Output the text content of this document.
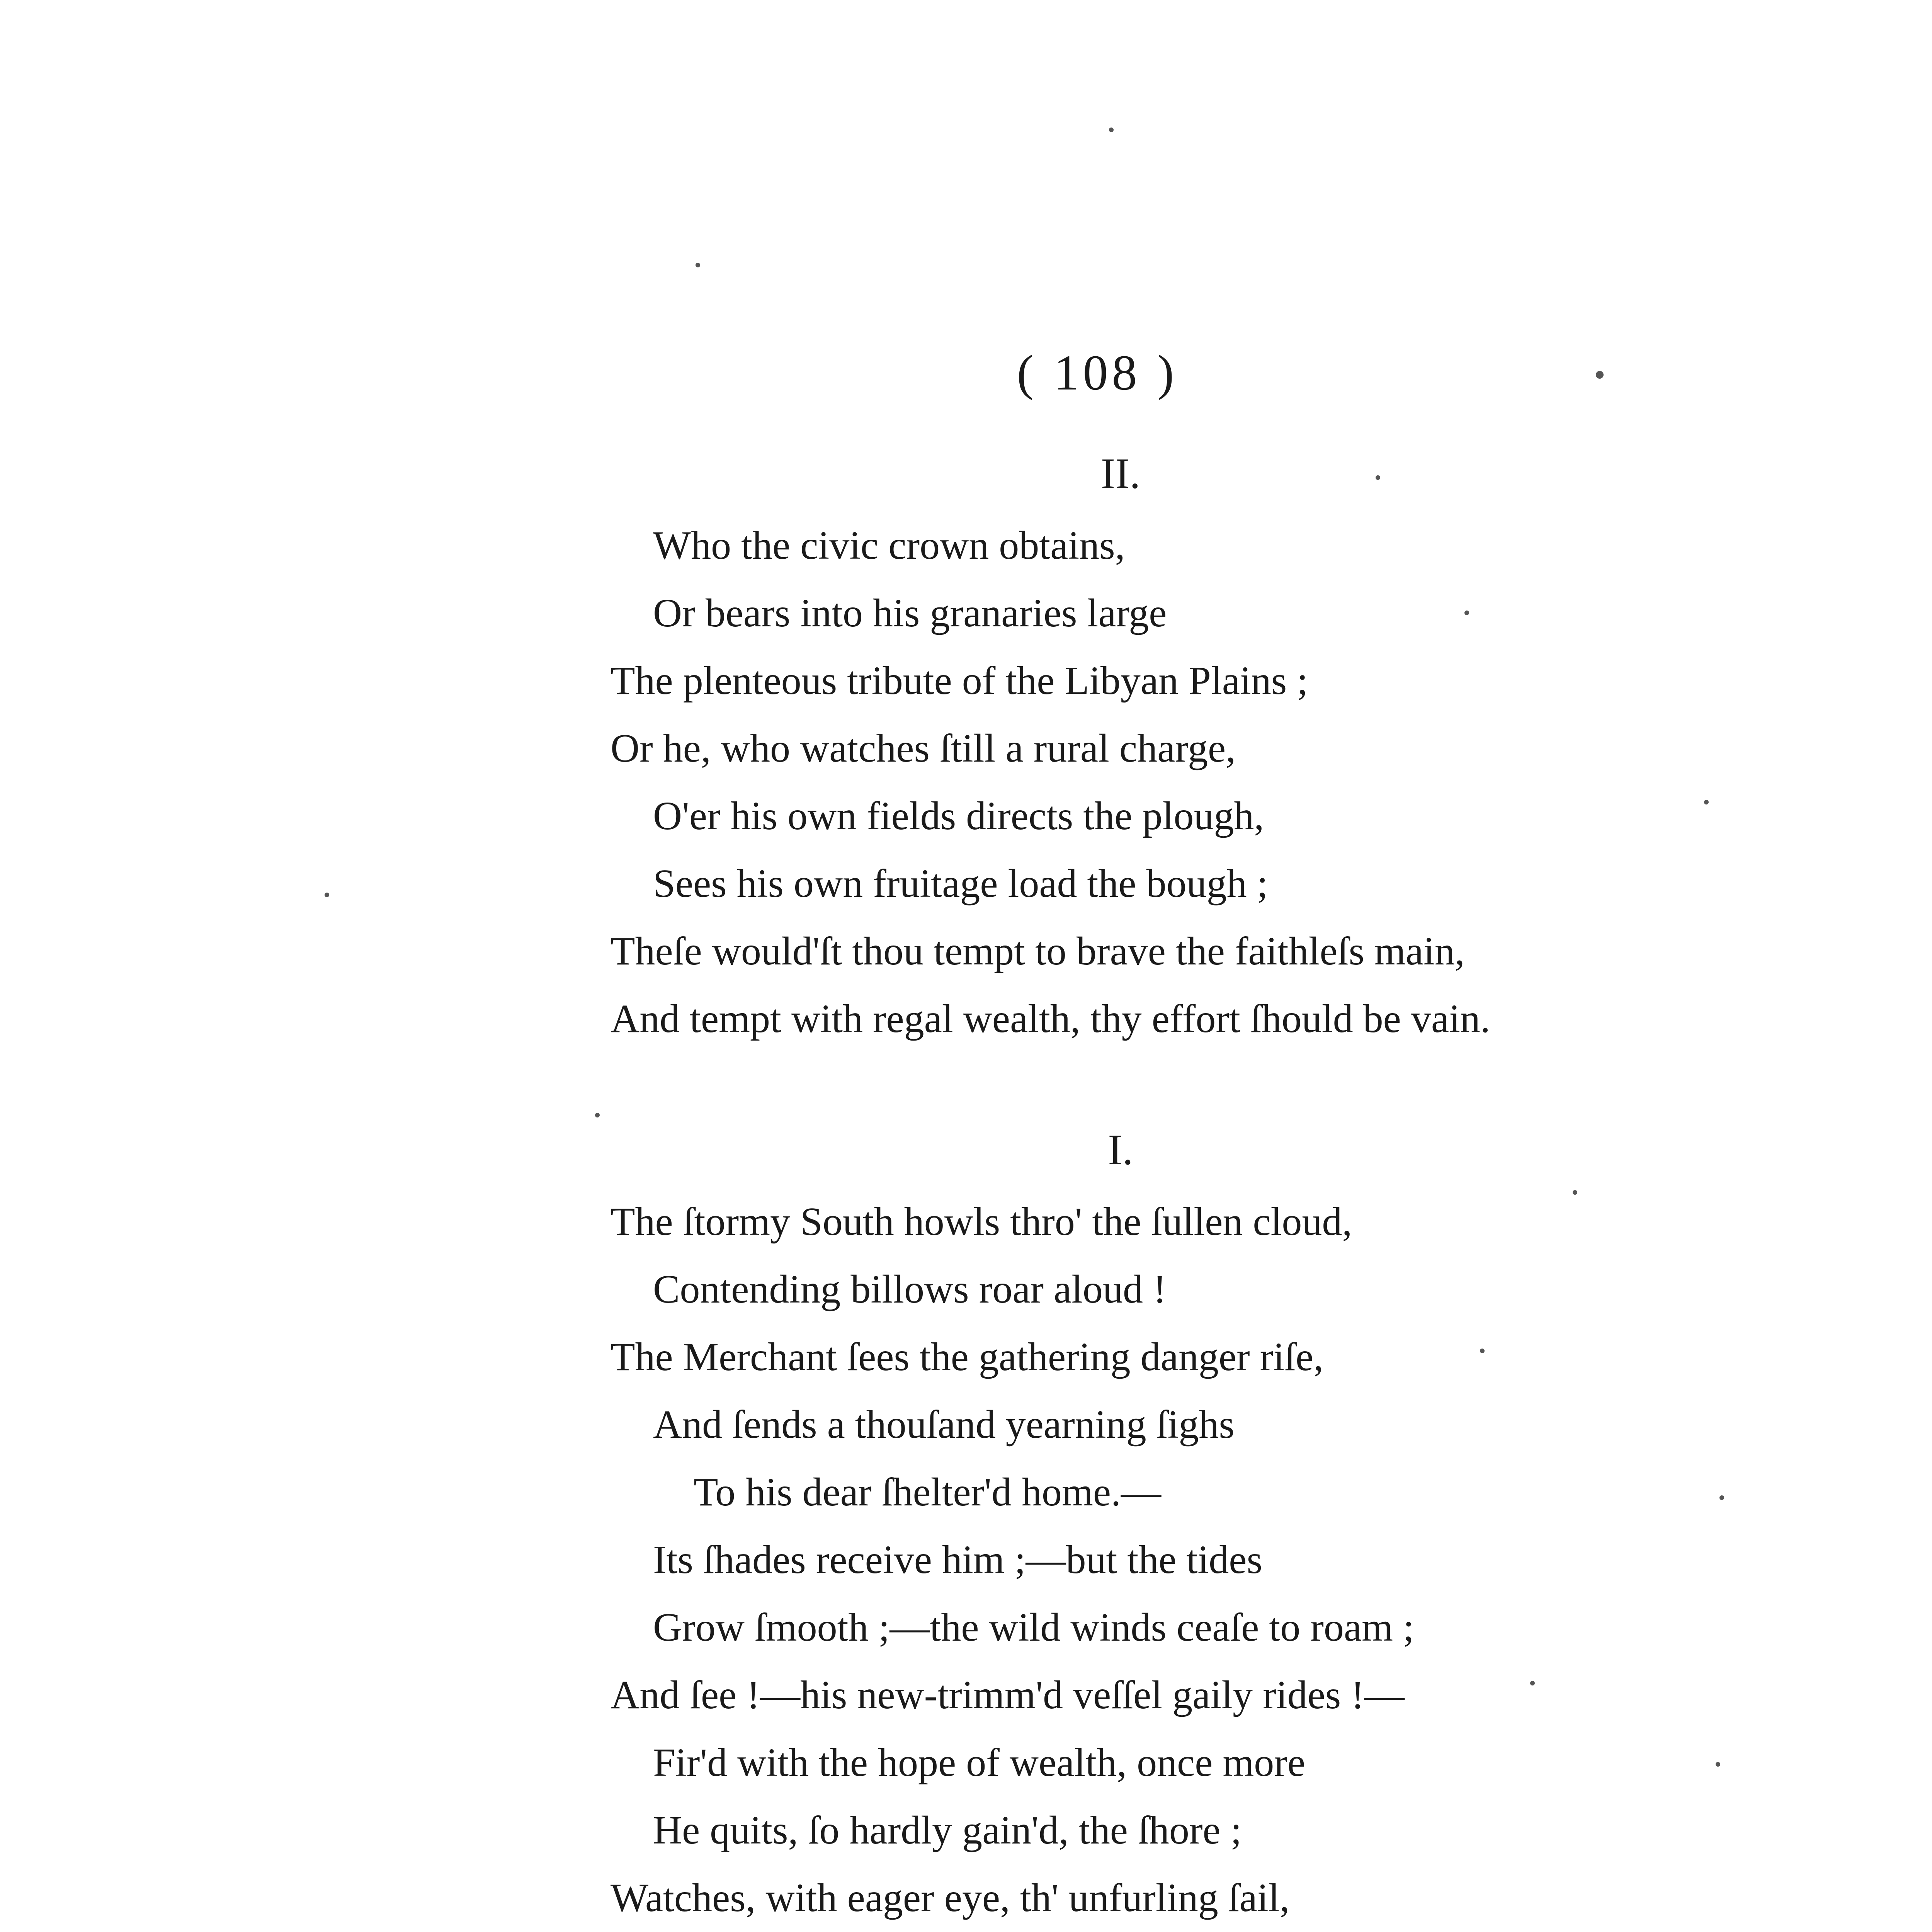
( 108 )
II.
Who the civic crown obtains,
Or bears into his granaries large
The plenteous tribute of the Libyan Plains ;
Or he, who watches ſtill a rural charge,
O'er his own fields directs the plough,
Sees his own fruitage load the bough ;
Theſe would'ſt thou tempt to brave the faithleſs main,
And tempt with regal wealth, thy effort ſhould be vain.
I.
The ſtormy South howls thro' the ſullen cloud,
Contending billows roar aloud !
The Merchant ſees the gathering danger riſe,
And ſends a thouſand yearning ſighs
To his dear ſhelter'd home.—
Its ſhades receive him ;—but the tides
Grow ſmooth ;—the wild winds ceaſe to roam ;
And ſee !—his new-trimm'd veſſel gaily rides !—
Fir'd with the hope of wealth, once more
He quits, ſo hardly gain'd, the ſhore ;
Watches, with eager eye, th' unfurling ſail,
